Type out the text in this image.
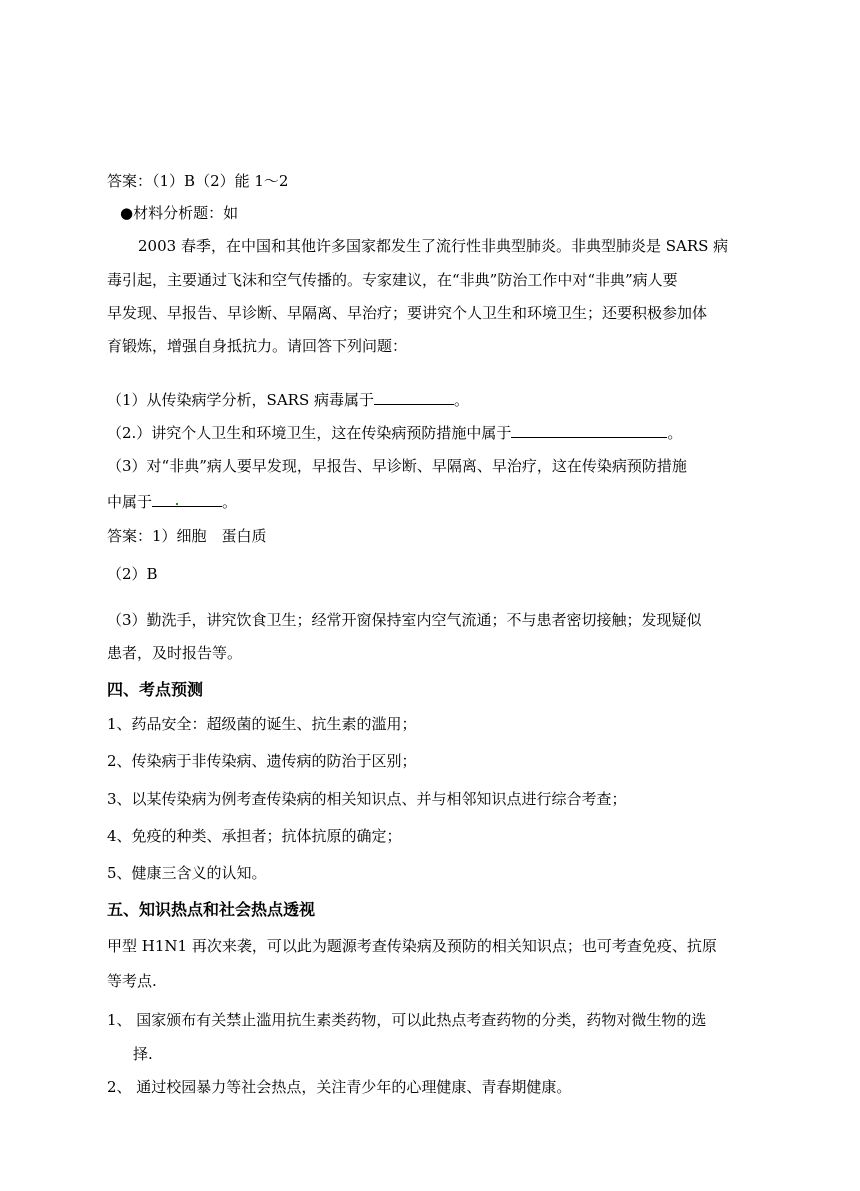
答案：（1）B（2）能 1～2
●材料分析题：如
2003 春季，在中国和其他许多国家都发生了流行性非典型肺炎。非典型肺炎是 SARS 病
毒引起，主要通过飞沫和空气传播的。专家建议，在“非典”防治工作中对“非典”病人要
早发现、早报告、早诊断、早隔离、早治疗；要讲究个人卫生和环境卫生；还要积极参加体
育锻炼，增强自身抵抗力。请回答下列问题：
（1）从传染病学分析，SARS 病毒属于	。
（2.）讲究个人卫生和环境卫生，这在传染病预防措施中属于	。
（3）对“非典”病人要早发现，早报告、早诊断、早隔离、早治疗，这在传染病预防措施
中属于	。
答案：1）细胞　蛋白质
（2）B
（3）勤洗手，讲究饮食卫生；经常开窗保持室内空气流通；不与患者密切接触；发现疑似
患者，及时报告等。
四、考点预测
1、药品安全：超级菌的诞生、抗生素的滥用；
2、传染病于非传染病、遗传病的防治于区别；
3、以某传染病为例考查传染病的相关知识点、并与相邻知识点进行综合考查；
4、免疫的种类、承担者；抗体抗原的确定；
5、健康三含义的认知。
五、知识热点和社会热点透视
甲型 H1N1 再次来袭，可以此为题源考查传染病及预防的相关知识点；也可考查免疫、抗原
等考点.
1、 国家颁布有关禁止滥用抗生素类药物，可以此热点考查药物的分类，药物对微生物的选
择.
2、 通过校园暴力等社会热点，关注青少年的心理健康、青春期健康。
